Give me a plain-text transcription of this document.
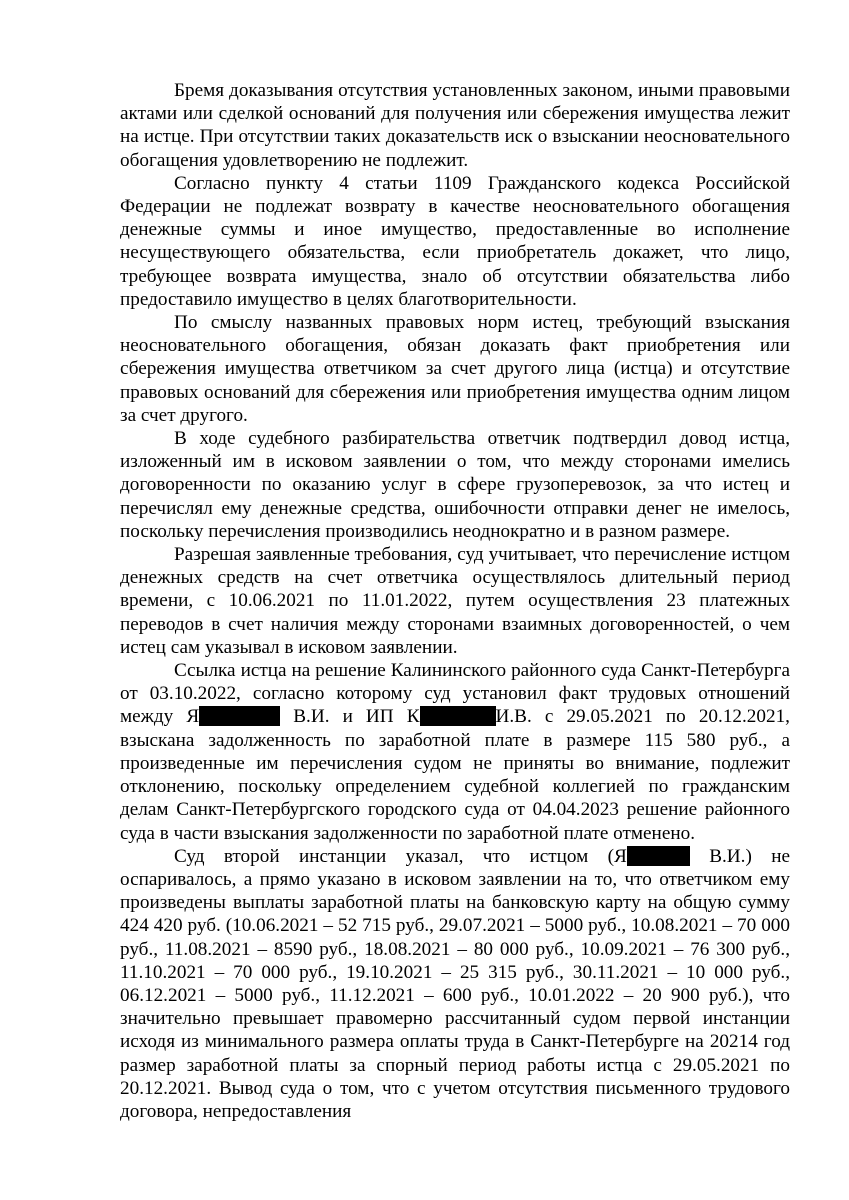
Бремя доказывания отсутствия установленных законом, иными правовыми актами или сделкой оснований для получения или сбережения имущества лежит на истце. При отсутствии таких доказательств иск о взыскании неосновательного обогащения удовлетворению не подлежит.

Согласно пункту 4 статьи 1109 Гражданского кодекса Российской Федерации не подлежат возврату в качестве неосновательного обогащения денежные суммы и иное имущество, предоставленные во исполнение несуществующего обязательства, если приобретатель докажет, что лицо, требующее возврата имущества, знало об отсутствии обязательства либо предоставило имущество в целях благотворительности.

По смыслу названных правовых норм истец, требующий взыскания неосновательного обогащения, обязан доказать факт приобретения или сбережения имущества ответчиком за счет другого лица (истца) и отсутствие правовых оснований для сбережения или приобретения имущества одним лицом за счет другого.

В ходе судебного разбирательства ответчик подтвердил довод истца, изложенный им в исковом заявлении о том, что между сторонами имелись договоренности по оказанию услуг в сфере грузоперевозок, за что истец и перечислял ему денежные средства, ошибочности отправки денег не имелось, поскольку перечисления производились неоднократно и в разном размере.

Разрешая заявленные требования, суд учитывает, что перечисление истцом денежных средств на счет ответчика осуществлялось длительный период времени, с 10.06.2021 по 11.01.2022, путем осуществления 23 платежных переводов в счет наличия между сторонами взаимных договоренностей, о чем истец сам указывал в исковом заявлении.

Ссылка истца на решение Калининского районного суда Санкт-Петербурга от 03.10.2022, согласно которому суд установил факт трудовых отношений между Я	В.И. и ИП К	И.В. с 29.05.2021 по 20.12.2021, взыскана задолженность по заработной плате в размере 115 580 руб., а произведенные им перечисления судом не приняты во внимание, подлежит отклонению, поскольку определением судебной коллегией по гражданским делам Санкт-Петербургского городского суда от 04.04.2023 решение районного суда в части взыскания задолженности по заработной плате отменено.

Суд второй инстанции указал, что истцом (Я	В.И.) не оспаривалось, а прямо указано в исковом заявлении на то, что ответчиком ему произведены выплаты заработной платы на банковскую карту на общую сумму 424 420 руб. (10.06.2021 – 52 715 руб., 29.07.2021 – 5000 руб., 10.08.2021 – 70 000 руб., 11.08.2021 – 8590 руб., 18.08.2021 – 80 000 руб., 10.09.2021 – 76 300 руб., 11.10.2021 – 70 000 руб., 19.10.2021 – 25 315 руб., 30.11.2021 – 10 000 руб., 06.12.2021 – 5000 руб., 11.12.2021 – 600 руб., 10.01.2022 – 20 900 руб.), что значительно превышает правомерно рассчитанный судом первой инстанции исходя из минимального размера оплаты труда в Санкт-Петербурге на 20214 год размер заработной платы за спорный период работы истца с 29.05.2021 по 20.12.2021. Вывод суда о том, что с учетом отсутствия письменного трудового договора, непредоставления
